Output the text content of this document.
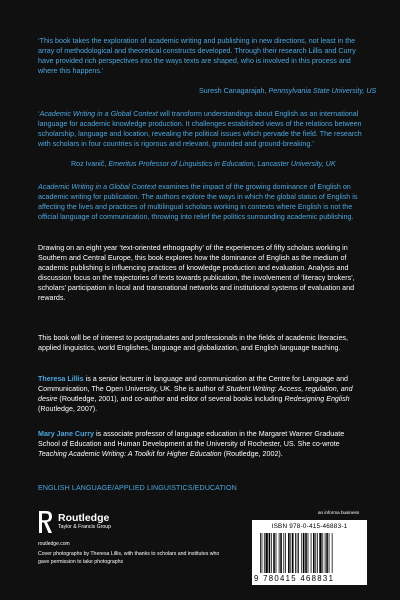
‘This book takes the exploration of academic writing and publishing in new directions, not least in the array of methodological and theoretical constructs developed. Through their research Lillis and Curry have provided rich perspectives into the ways texts are shaped, who is involved in this process and where this happens.’

Suresh Canagarajah, Pennsylvania State University, US

‘Academic Writing in a Global Context will transform understandings about English as an international language for academic knowledge production. It challenges established views of the relations between scholarship, language and location, revealing the political issues which pervade the field. The research with scholars in four countries is rigorous and relevant, grounded and ground-breaking.’

Roz Ivanič, Emeritus Professor of Linguistics in Education, Lancaster University, UK

Academic Writing in a Global Context examines the impact of the growing dominance of English on academic writing for publication. The authors explore the ways in which the global status of English is affecting the lives and practices of multilingual scholars working in contexts where English is not the official language of communication, throwing into relief the politics surrounding academic publishing.

Drawing on an eight year ‘text-oriented ethnography’ of the experiences of fifty scholars working in Southern and Central Europe, this book explores how the dominance of English as the medium of academic publishing is influencing practices of knowledge production and evaluation. Analysis and discussion focus on the trajectories of texts towards publication, the involvement of ‘literacy brokers’, scholars’ participation in local and transnational networks and institutional systems of evaluation and rewards.

This book will be of interest to postgraduates and professionals in the fields of academic literacies, applied linguistics, world Englishes, language and globalization, and English language teaching.

Theresa Lillis is a senior lecturer in language and communication at the Centre for Language and Communication, The Open University, UK. She is author of Student Writing: Access, regulation, and desire (Routledge, 2001), and co-author and editor of several books including Redesigning English (Routledge, 2007).

Mary Jane Curry is associate professor of language education in the Margaret Warner Graduate School of Education and Human Development at the University of Rochester, US. She co-wrote Teaching Academic Writing: A Toolkit for Higher Education (Routledge, 2002).

ENGLISH LANGUAGE/APPLIED LINGUISTICS/EDUCATION
an informa business
Routledge
Taylor & Francis Group
routledge.com
Cover photographs by Theresa Lillis, with thanks to scholars and institutes who gave permission to take photographs
ISBN 978-0-415-46883-1
9 780415 468831
